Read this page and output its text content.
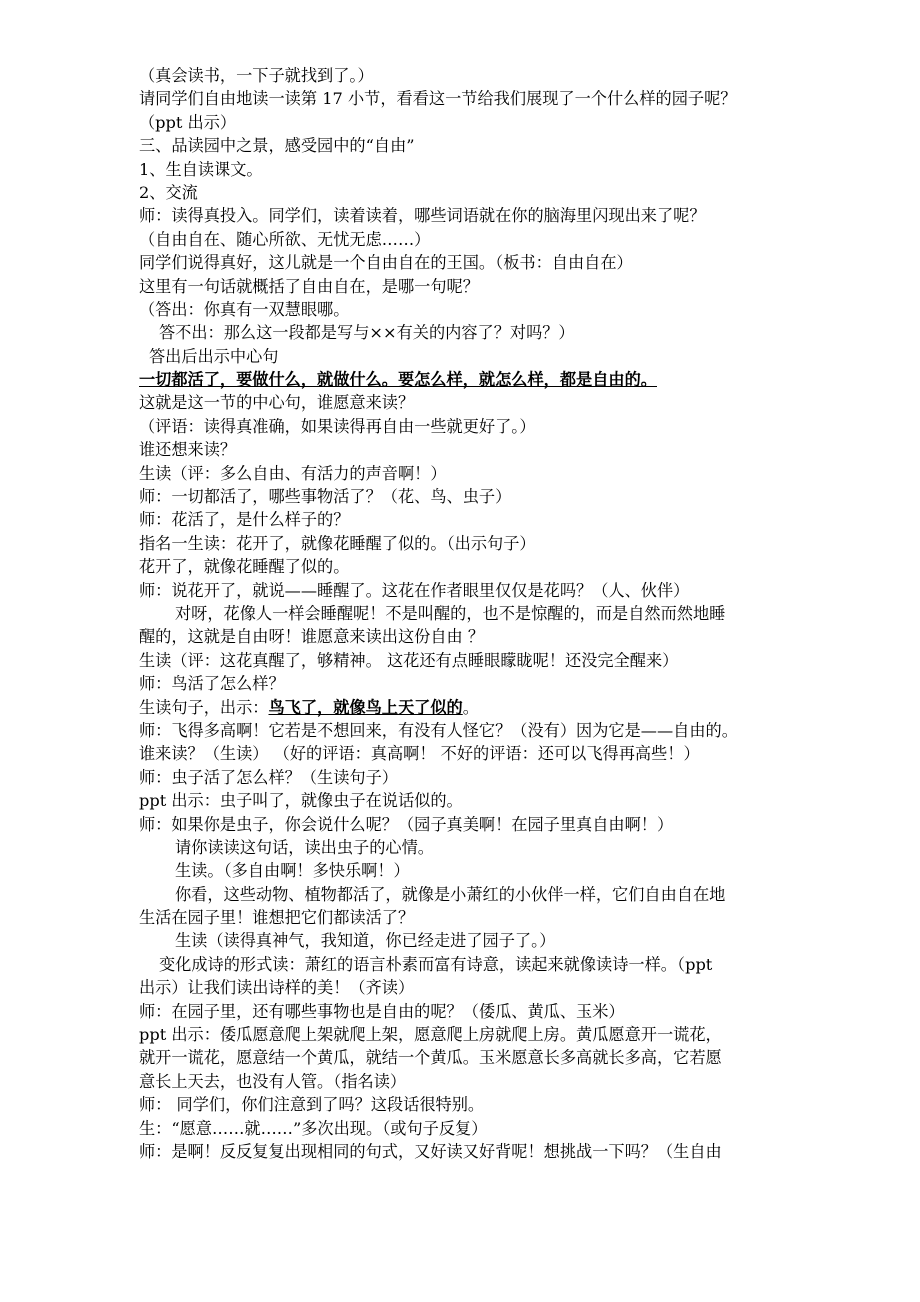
（真会读书，一下子就找到了。）
请同学们自由地读一读第 17 小节，看看这一节给我们展现了一个什么样的园子呢？
（ppt 出示）
三、品读园中之景，感受园中的“自由”
1、生自读课文。
2、交流
师：读得真投入。同学们，读着读着，哪些词语就在你的脑海里闪现出来了呢？
（自由自在、随心所欲、无忧无虑……）
同学们说得真好，这儿就是一个自由自在的王国。（板书：自由自在）
这里有一句话就概括了自由自在，是哪一句呢？
（答出：你真有一双慧眼哪。
答不出：那么这一段都是写与××有关的内容了？对吗？）
答出后出示中心句
一切都活了，要做什么，就做什么。要怎么样，就怎么样，都是自由的。
这就是这一节的中心句，谁愿意来读？
（评语：读得真准确，如果读得再自由一些就更好了。）
谁还想来读？
生读（评：多么自由、有活力的声音啊！）
师：一切都活了，哪些事物活了？（花、鸟、虫子）
师：花活了，是什么样子的？
指名一生读：花开了，就像花睡醒了似的。（出示句子）
花开了，就像花睡醒了似的。
师：说花开了，就说——睡醒了。这花在作者眼里仅仅是花吗？（人、伙伴）
对呀，花像人一样会睡醒呢！不是叫醒的，也不是惊醒的，而是自然而然地睡
醒的，这就是自由呀！谁愿意来读出这份自由 ？
生读（评：这花真醒了，够精神。 这花还有点睡眼矇眬呢！还没完全醒来）
师：鸟活了怎么样？
生读句子，出示：鸟飞了，就像鸟上天了似的。
师：飞得多高啊！它若是不想回来，有没有人怪它？（没有）因为它是——自由的。
谁来读？（生读） （好的评语：真高啊！ 不好的评语：还可以飞得再高些！）
师：虫子活了怎么样？（生读句子）
ppt 出示：虫子叫了，就像虫子在说话似的。
师：如果你是虫子，你会说什么呢？（园子真美啊！在园子里真自由啊！）
请你读读这句话，读出虫子的心情。
生读。（多自由啊！多快乐啊！）
你看，这些动物、植物都活了，就像是小萧红的小伙伴一样，它们自由自在地
生活在园子里！谁想把它们都读活了？
生读（读得真神气，我知道，你已经走进了园子了。）
变化成诗的形式读：萧红的语言朴素而富有诗意，读起来就像读诗一样。（ppt
出示）让我们读出诗样的美！（齐读）
师：在园子里，还有哪些事物也是自由的呢？（倭瓜、黄瓜、玉米）
ppt 出示：倭瓜愿意爬上架就爬上架，愿意爬上房就爬上房。黄瓜愿意开一谎花，
就开一谎花，愿意结一个黄瓜，就结一个黄瓜。玉米愿意长多高就长多高，它若愿
意长上天去，也没有人管。（指名读）
师： 同学们，你们注意到了吗？这段话很特别。
生：“愿意……就……”多次出现。（或句子反复）
师：是啊！反反复复出现相同的句式，又好读又好背呢！想挑战一下吗？（生自由
